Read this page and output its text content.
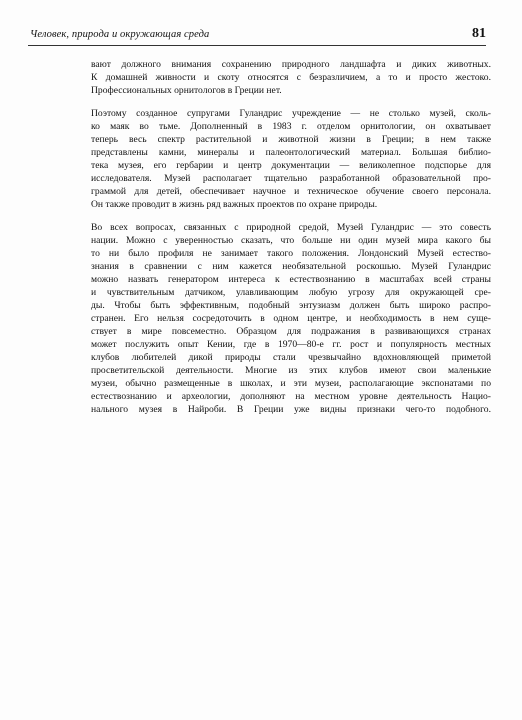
Человек, природа и окружающая среда	81

вают должного внимания сохранению природного ландшафта и диких животных.
К домашней живности и скоту относятся с безразличием, а то и просто жестоко.
Профессиональных орнитологов в Греции нет.

Поэтому созданное супругами Гуландрис учреждение — не столько музей, сколь-
ко маяк во тьме. Дополненный в 1983 г. отделом орнитологии, он охватывает
теперь весь спектр растительной и животной жизни в Греции; в нем также
представлены камни, минералы и палеонтологический материал. Большая библио-
тека музея, его гербарии и центр документации — великолепное подспорье для
исследователя. Музей располагает тщательно разработанной образовательной про-
граммой для детей, обеспечивает научное и техническое обучение своего персонала.
Он также проводит в жизнь ряд важных проектов по охране природы.

Во всех вопросах, связанных с природной средой, Музей Гуландрис — это совесть
нации. Можно с уверенностью сказать, что больше ни один музей мира какого бы
то ни было профиля не занимает такого положения. Лондонский Музей естество-
знания в сравнении с ним кажется необязательной роскошью. Музей Гуландрис
можно назвать генератором интереса к естествознанию в масштабах всей страны
и чувствительным датчиком, улавливающим любую угрозу для окружающей сре-
ды. Чтобы быть эффективным, подобный энтузиазм должен быть широко распро-
странен. Его нельзя сосредоточить в одном центре, и необходимость в нем суще-
ствует в мире повсеместно. Образцом для подражания в развивающихся странах
может послужить опыт Кении, где в 1970—80-е гг. рост и популярность местных
клубов любителей дикой природы стали чрезвычайно вдохновляющей приметой
просветительской деятельности. Многие из этих клубов имеют свои маленькие
музеи, обычно размещенные в школах, и эти музеи, располагающие экспонатами по
естествознанию и археологии, дополняют на местном уровне деятельность Нацио-
нального музея в Найроби. В Греции уже видны признаки чего-то подобного.
